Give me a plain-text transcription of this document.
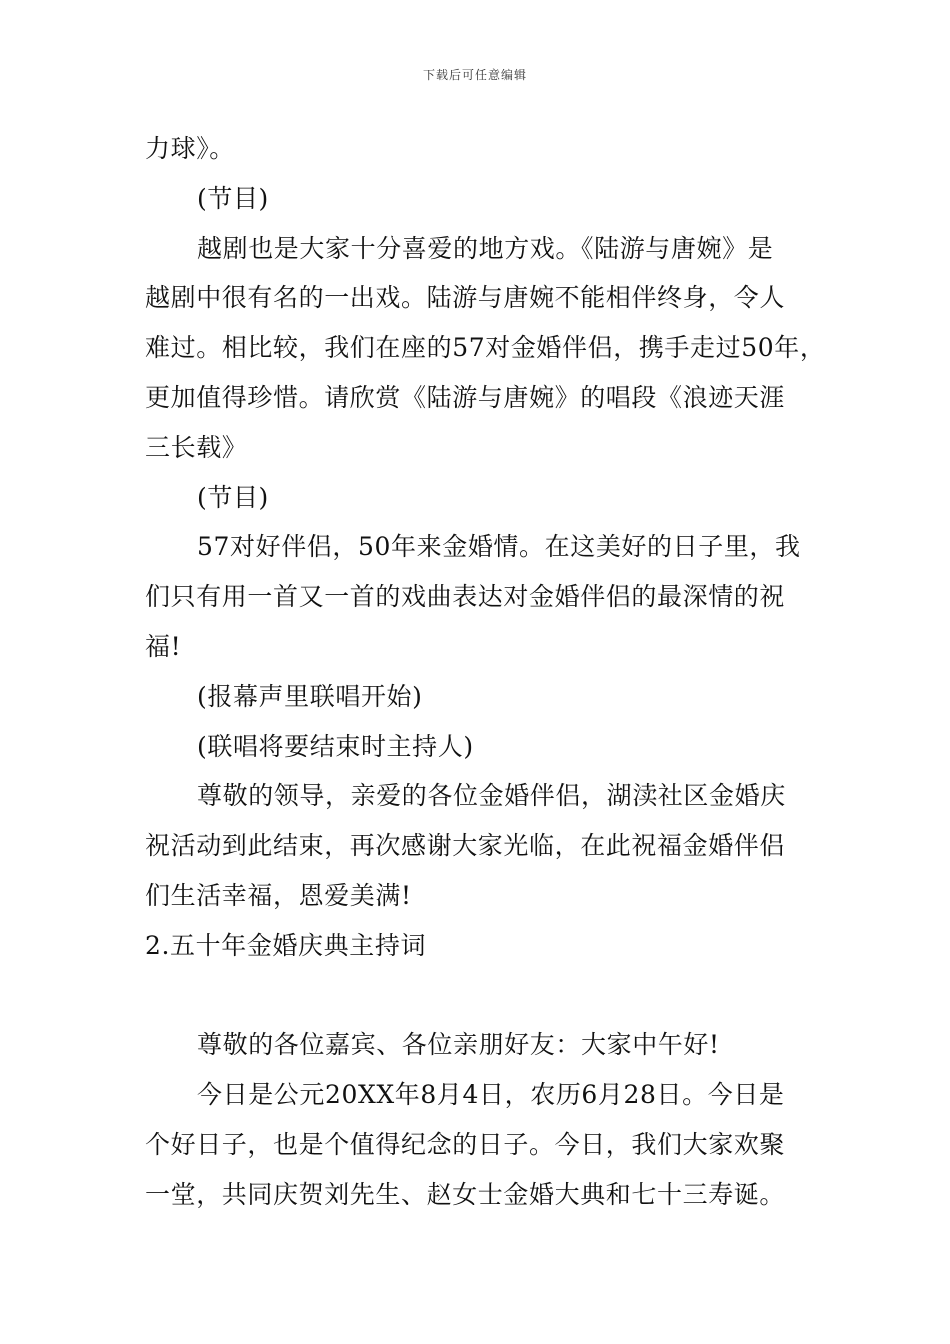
下载后可任意编辑
力球》。
(节目)
越剧也是大家十分喜爱的地方戏。《陆游与唐婉》是
越剧中很有名的一出戏。陆游与唐婉不能相伴终身，令人
难过。相比较，我们在座的57对金婚伴侣，携手走过50年，
更加值得珍惜。请欣赏《陆游与唐婉》的唱段《浪迹天涯
三长载》
(节目)
57对好伴侣，50年来金婚情。在这美好的日子里，我
们只有用一首又一首的戏曲表达对金婚伴侣的最深情的祝
福!
(报幕声里联唱开始)
(联唱将要结束时主持人)
尊敬的领导，亲爱的各位金婚伴侣，湖渎社区金婚庆
祝活动到此结束，再次感谢大家光临，在此祝福金婚伴侣
们生活幸福，恩爱美满!
2.五十年金婚庆典主持词
尊敬的各位嘉宾、各位亲朋好友：大家中午好!
今日是公元20XX年8月4日，农历6月28日。今日是
个好日子，也是个值得纪念的日子。今日，我们大家欢聚
一堂，共同庆贺刘先生、赵女士金婚大典和七十三寿诞。
